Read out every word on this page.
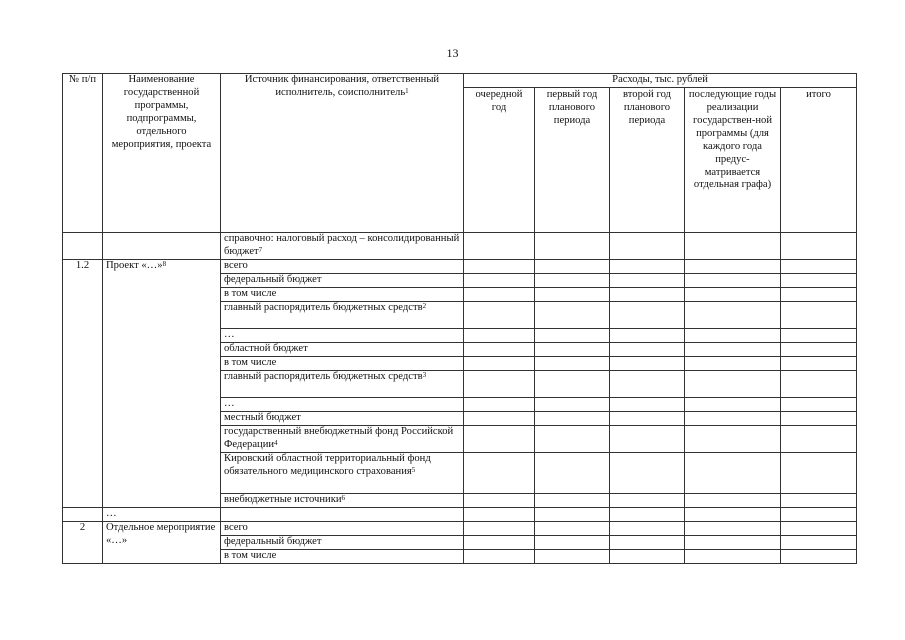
13
№ п/п	Наименование государственной программы, подпрограммы, отдельного мероприятия, проекта	Источник финансирования, ответственный исполнитель, соисполнитель$^1$	Расходы, тыс. рублей				
			очередной год	первый год планового периода	второй год планового периода	последующие годы реализации государствен-ной программы (для каждого года предус-матривается отдельная графа)	итого
		справочно: налоговый расход – консолидированный бюджет$^7$					
1.2	Проект «…»$^8$	всего					
		федеральный бюджет					
		в том числе					
		главный распорядитель бюджетных средств$^2$					
		…					
		областной бюджет					
		в том числе					
		главный распорядитель бюджетных средств$^3$					
		…					
		местный бюджет					
		государственный внебюджетный фонд Российской Федерации$^4$					
		Кировский областной территориальный фонд обязательного медицинского страхования$^5$					
		внебюджетные источники$^6$					
	…						
2	Отдельное мероприятие «…»	всего					
		федеральный бюджет					
		в том числе					
